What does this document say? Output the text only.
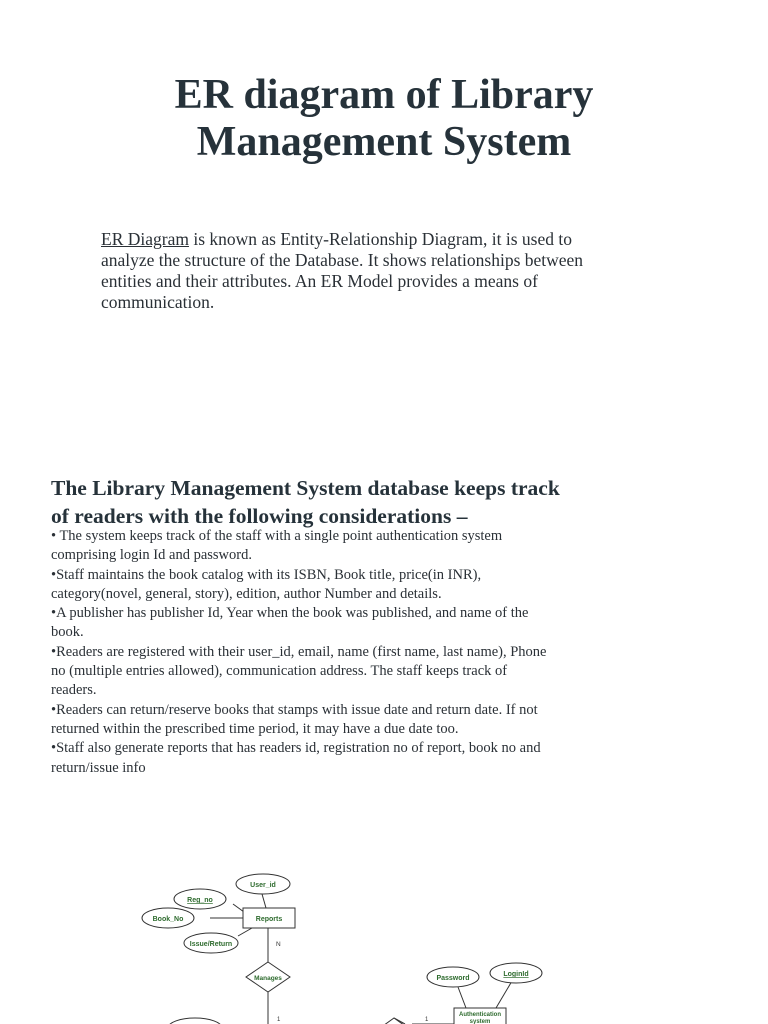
ER diagram of Library
Management System
ER Diagram is known as Entity-Relationship Diagram, it is used to
analyze the structure of the Database. It shows relationships between
entities and their attributes. An ER Model provides a means of
communication.
The Library Management System database keeps track
of readers with the following considerations –
• The system keeps track of the staff with a single point authentication system
comprising login Id and password.
•Staff maintains the book catalog with its ISBN, Book title, price(in INR),
category(novel, general, story), edition, author Number and details.
•A publisher has publisher Id, Year when the book was published, and name of the
book.
•Readers are registered with their user_id, email, name (first name, last name), Phone
no (multiple entries allowed), communication address. The staff keeps track of
readers.
•Readers can return/reserve books that stamps with issue date and return date. If not
returned within the prescribed time period, it may have a due date too.
•Staff also generate reports that has readers id, registration no of report, book no and
return/issue info
User_id
Reg_no
Book_No
Issue/Return
Password
LoginId
Reports
Authentication
system
Manages
N
1	1
